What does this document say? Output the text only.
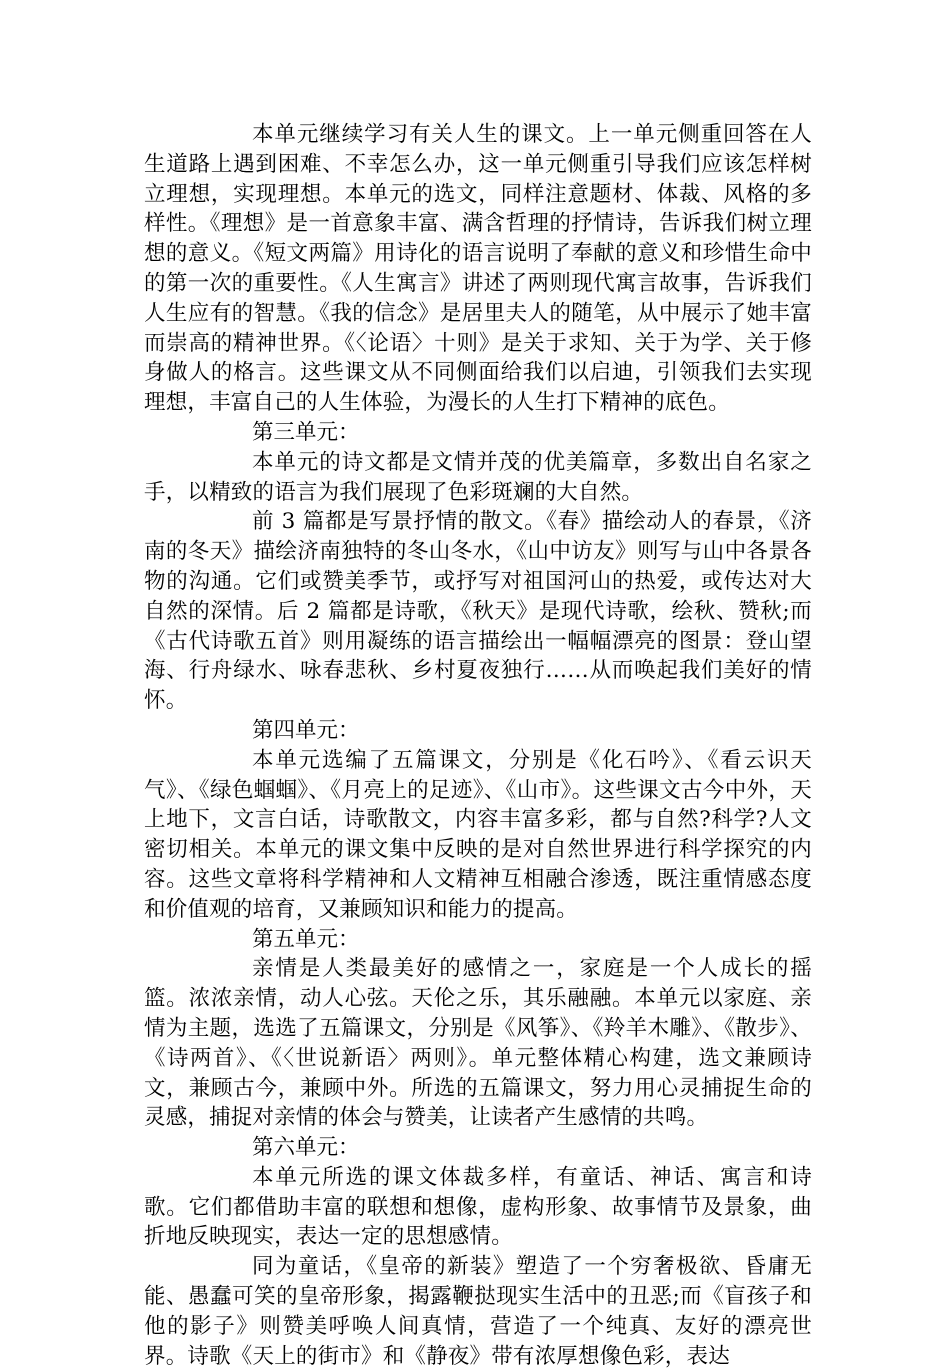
本单元继续学习有关人生的课文。上一单元侧重回答在人生道路上遇到困难、不幸怎么办，这一单元侧重引导我们应该怎样树立理想，实现理想。本单元的选文，同样注意题材、体裁、风格的多样性。《理想》是一首意象丰富、满含哲理的抒情诗，告诉我们树立理想的意义。《短文两篇》用诗化的语言说明了奉献的意义和珍惜生命中的第一次的重要性。《人生寓言》讲述了两则现代寓言故事，告诉我们人生应有的智慧。《我的信念》是居里夫人的随笔，从中展示了她丰富而崇高的精神世界。《〈论语〉十则》是关于求知、关于为学、关于修身做人的格言。这些课文从不同侧面给我们以启迪，引领我们去实现理想，丰富自己的人生体验，为漫长的人生打下精神的底色。

第三单元：

本单元的诗文都是文情并茂的优美篇章，多数出自名家之手，以精致的语言为我们展现了色彩斑斓的大自然。

前 3 篇都是写景抒情的散文。《春》描绘动人的春景，《济南的冬天》描绘济南独特的冬山冬水，《山中访友》则写与山中各景各物的沟通。它们或赞美季节，或抒写对祖国河山的热爱，或传达对大自然的深情。后 2 篇都是诗歌，《秋天》是现代诗歌，绘秋、赞秋;而《古代诗歌五首》则用凝练的语言描绘出一幅幅漂亮的图景：登山望海、行舟绿水、咏春悲秋、乡村夏夜独行……从而唤起我们美好的情怀。

第四单元：

本单元选编了五篇课文，分别是《化石吟》、《看云识天气》、《绿色蝈蝈》、《月亮上的足迹》、《山市》。这些课文古今中外，天上地下，文言白话，诗歌散文，内容丰富多彩，都与自然?科学?人文密切相关。本单元的课文集中反映的是对自然世界进行科学探究的内容。这些文章将科学精神和人文精神互相融合渗透，既注重情感态度和价值观的培育，又兼顾知识和能力的提高。

第五单元：

亲情是人类最美好的感情之一，家庭是一个人成长的摇篮。浓浓亲情，动人心弦。天伦之乐，其乐融融。本单元以家庭、亲情为主题，选选了五篇课文，分别是《风筝》、《羚羊木雕》、《散步》、《诗两首》、《〈世说新语〉两则》。单元整体精心构建，选文兼顾诗文，兼顾古今，兼顾中外。所选的五篇课文，努力用心灵捕捉生命的灵感，捕捉对亲情的体会与赞美，让读者产生感情的共鸣。

第六单元：

本单元所选的课文体裁多样，有童话、神话、寓言和诗歌。它们都借助丰富的联想和想像，虚构形象、故事情节及景象，曲折地反映现实，表达一定的思想感情。

同为童话，《皇帝的新装》塑造了一个穷奢极欲、昏庸无能、愚蠢可笑的皇帝形象，揭露鞭挞现实生活中的丑恶;而《盲孩子和他的影子》则赞美呼唤人间真情，营造了一个纯真、友好的漂亮世界。诗歌《天上的街市》和《静夜》带有浓厚想像色彩，表达
